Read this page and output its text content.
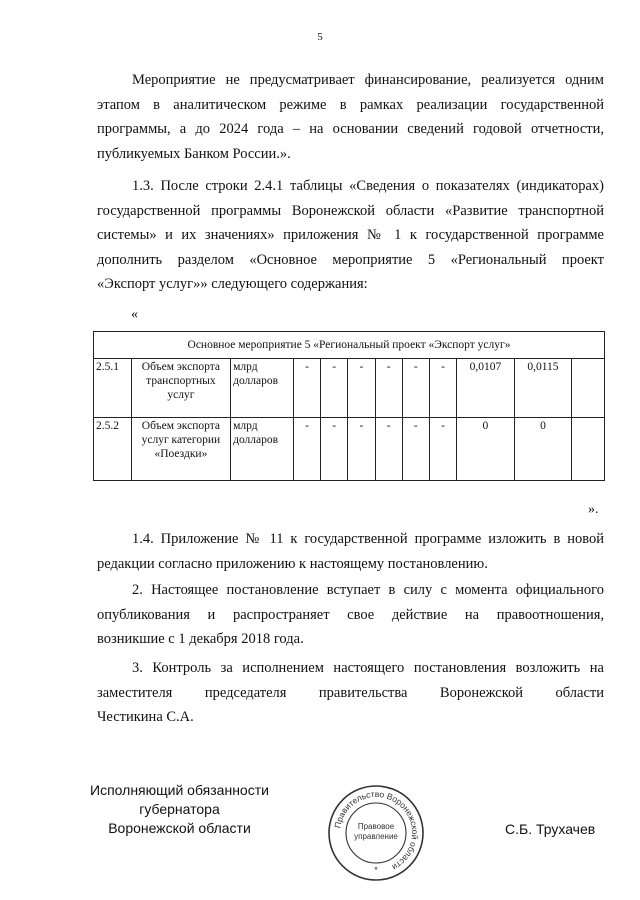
5
Мероприятие не предусматривает финансирование, реализуется одним
этапом в аналитическом режиме в рамках реализации государственной
программы, а до 2024 года – на основании сведений годовой отчетности,
публикуемых Банком России.».
1.3. После строки 2.4.1 таблицы «Сведения о показателях (индикаторах)
государственной программы Воронежской области «Развитие транспортной
системы» и их значениях» приложения № 1 к государственной программе
дополнить разделом «Основное мероприятие 5 «Региональный проект
«Экспорт услуг»» следующего содержания:
«
Основное мероприятие 5 «Региональный проект «Экспорт услуг»											
2.5.1	Объем экспорта транспортных услуг	млрд долларов	-	-	-	-	-	-	0,0107	0,0115	
2.5.2	Объем экспорта услуг категории «Поездки»	млрд долларов	-	-	-	-	-	-	0	0	
».
1.4. Приложение № 11 к государственной программе изложить в новой
редакции согласно приложению к настоящему постановлению.
2. Настоящее постановление вступает в силу с момента официального
опубликования и распространяет свое действие на правоотношения,
возникшие с 1 декабря 2018 года.
3. Контроль за исполнением настоящего постановления возложить на
заместителя председателя правительства Воронежской области
Честикина С.А.
Исполняющий обязанности
губернатора
Воронежской области	Правительство Воронежской области
Правовое
управление
*
С.Б. Трухачев
